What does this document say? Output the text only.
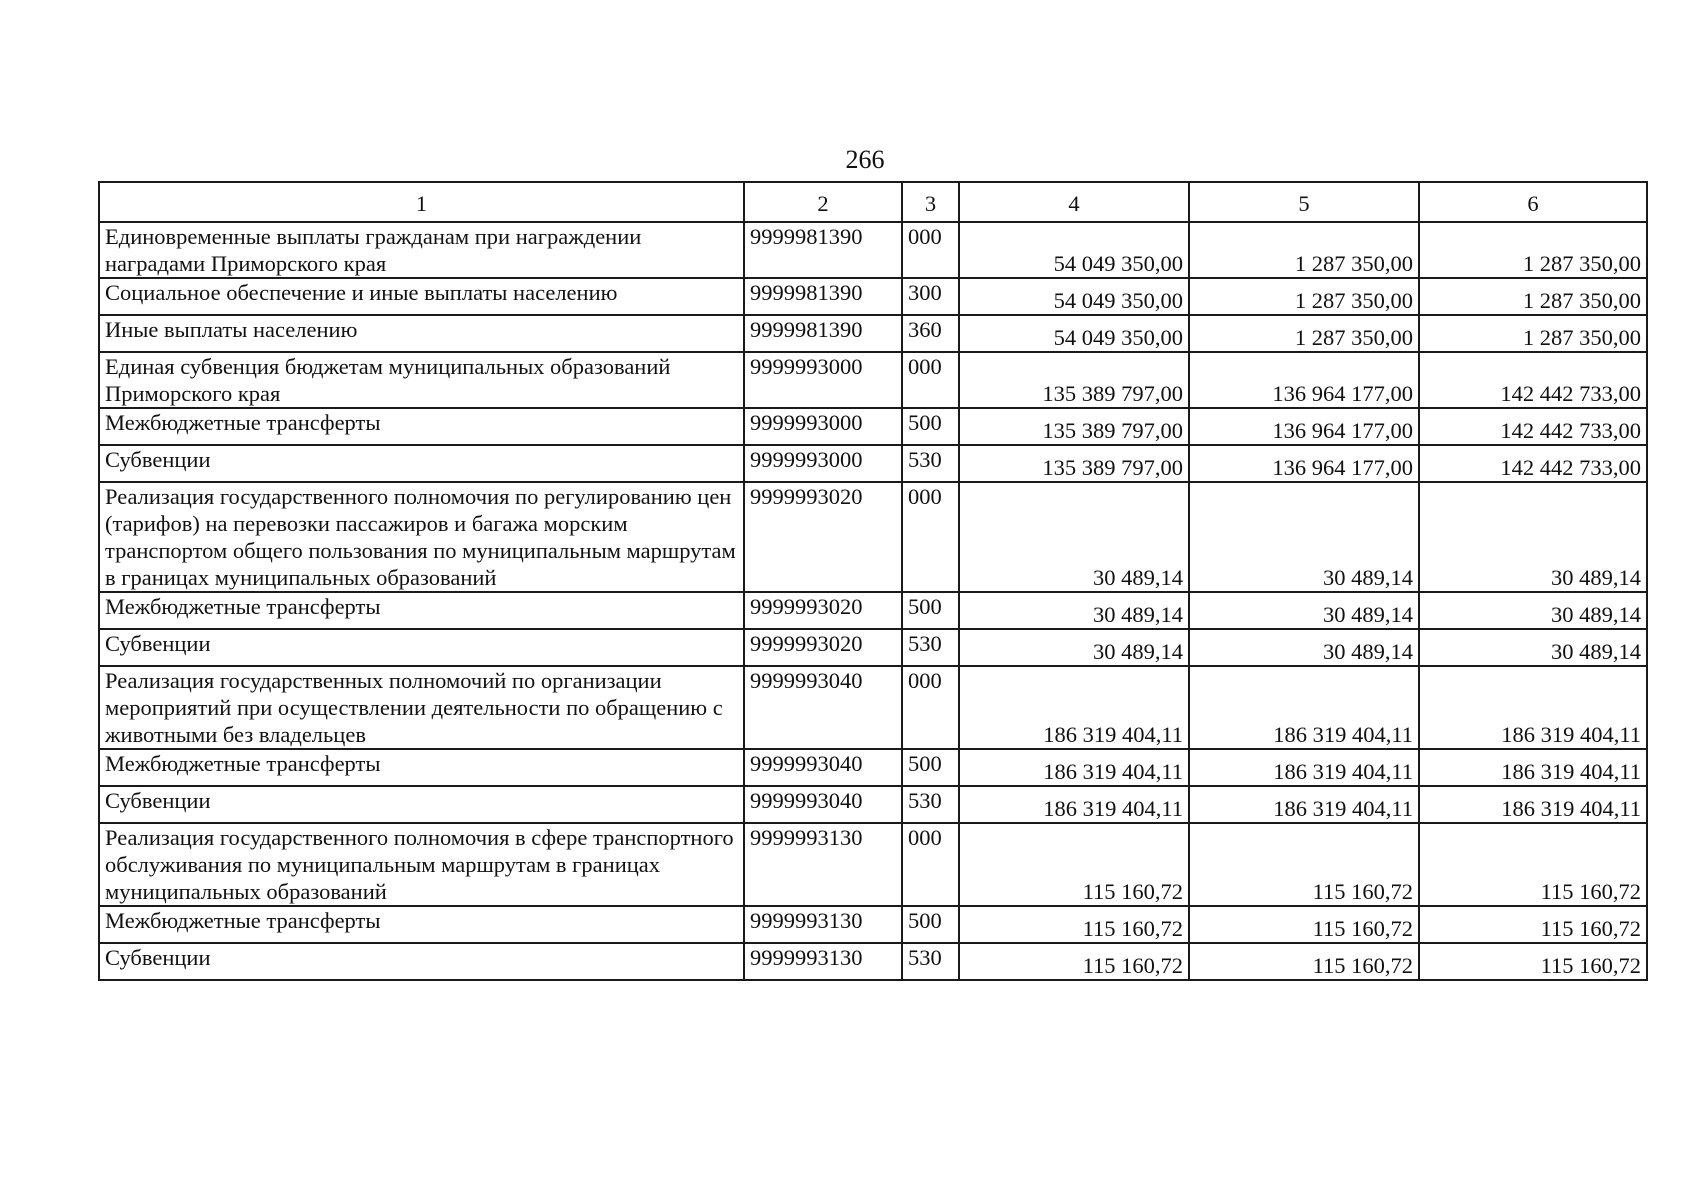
266
1	2	3	4	5	6
Единовременные выплаты гражданам при награждении наградами Приморского края	9999981390	000	54 049 350,00	1 287 350,00	1 287 350,00
Социальное обеспечение и иные выплаты населению	9999981390	300	54 049 350,00	1 287 350,00	1 287 350,00
Иные выплаты населению	9999981390	360	54 049 350,00	1 287 350,00	1 287 350,00
Единая субвенция бюджетам муниципальных образований Приморского края	9999993000	000	135 389 797,00	136 964 177,00	142 442 733,00
Межбюджетные трансферты	9999993000	500	135 389 797,00	136 964 177,00	142 442 733,00
Субвенции	9999993000	530	135 389 797,00	136 964 177,00	142 442 733,00
Реализация государственного полномочия по регулированию цен (тарифов) на перевозки пассажиров и багажа морским транспортом общего пользования по муниципальным маршрутам в границах муниципальных образований	9999993020	000	30 489,14	30 489,14	30 489,14
Межбюджетные трансферты	9999993020	500	30 489,14	30 489,14	30 489,14
Субвенции	9999993020	530	30 489,14	30 489,14	30 489,14
Реализация государственных полномочий по организации мероприятий при осуществлении деятельности по обращению с животными без владельцев	9999993040	000	186 319 404,11	186 319 404,11	186 319 404,11
Межбюджетные трансферты	9999993040	500	186 319 404,11	186 319 404,11	186 319 404,11
Субвенции	9999993040	530	186 319 404,11	186 319 404,11	186 319 404,11
Реализация государственного полномочия в сфере транспортного обслуживания по муниципальным маршрутам в границах муниципальных образований	9999993130	000	115 160,72	115 160,72	115 160,72
Межбюджетные трансферты	9999993130	500	115 160,72	115 160,72	115 160,72
Субвенции	9999993130	530	115 160,72	115 160,72	115 160,72
